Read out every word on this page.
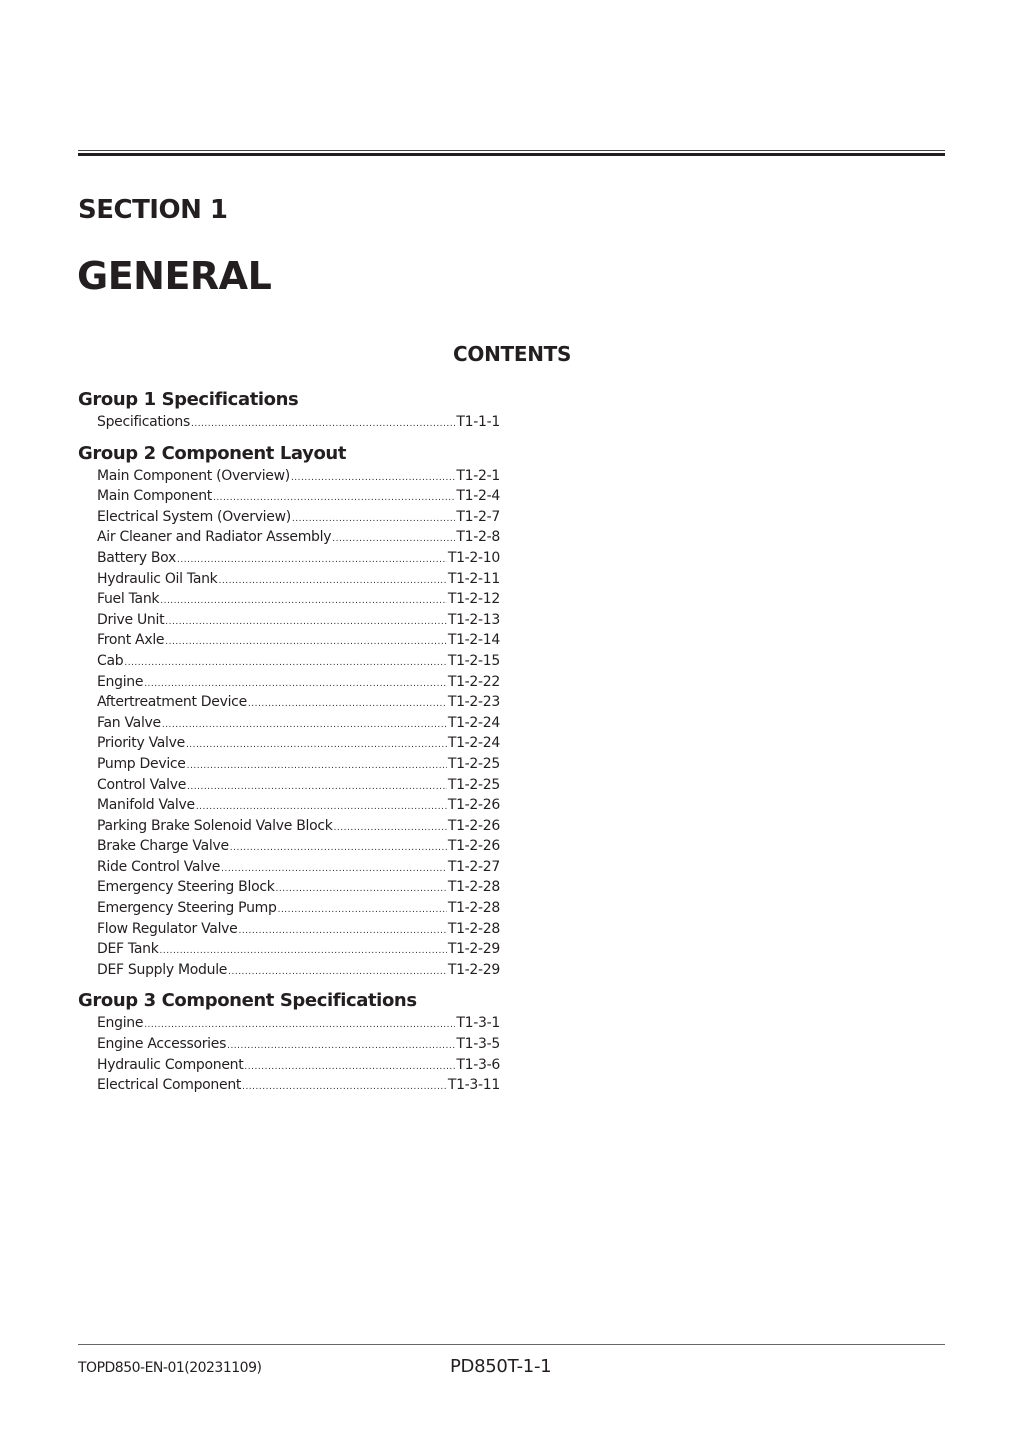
SECTION 1
GENERAL
CONTENTS
Group 1 Specifications
Specifications .....	T1-1-1
Group 2 Component Layout
Main Component (Overview) .....	T1-2-1
Main Component .....	T1-2-4
Electrical System (Overview) .....	T1-2-7
Air Cleaner and Radiator Assembly .....	T1-2-8
Battery Box .....	T1-2-10
Hydraulic Oil Tank .....	T1-2-11
Fuel Tank .....	T1-2-12
Drive Unit .....	T1-2-13
Front Axle .....	T1-2-14
Cab .....	T1-2-15
Engine .....	T1-2-22
Aftertreatment Device .....	T1-2-23
Fan Valve .....	T1-2-24
Priority Valve .....	T1-2-24
Pump Device .....	T1-2-25
Control Valve .....	T1-2-25
Manifold Valve .....	T1-2-26
Parking Brake Solenoid Valve Block .....	T1-2-26
Brake Charge Valve .....	T1-2-26
Ride Control Valve .....	T1-2-27
Emergency Steering Block .....	T1-2-28
Emergency Steering Pump .....	T1-2-28
Flow Regulator Valve .....	T1-2-28
DEF Tank .....	T1-2-29
DEF Supply Module .....	T1-2-29
Group 3 Component Specifications
Engine .....	T1-3-1
Engine Accessories .....	T1-3-5
Hydraulic Component .....	T1-3-6
Electrical Component .....	T1-3-11
TOPD850-EN-01(20231109)	PD850T-1-1
